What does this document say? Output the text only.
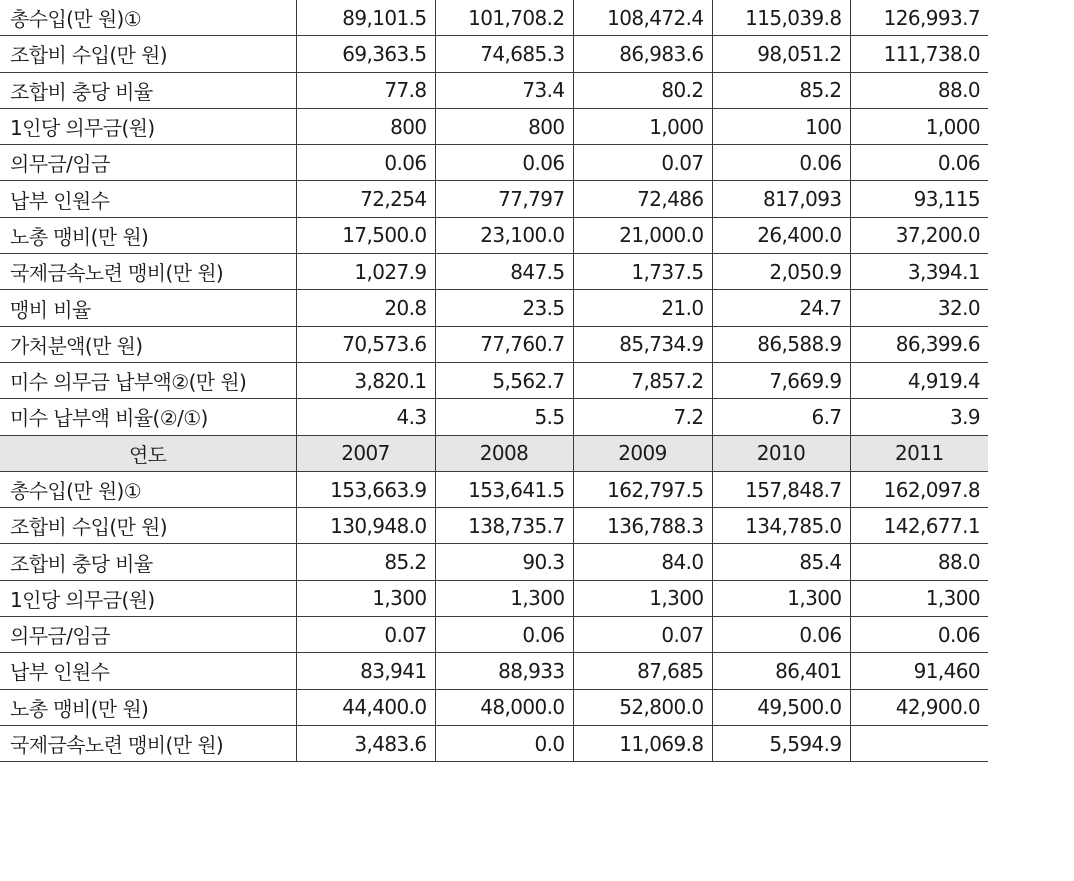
총수입(만 원)①	89,101.5	101,708.2	108,472.4	115,039.8	126,993.7
조합비 수입(만 원)	69,363.5	74,685.3	86,983.6	98,051.2	111,738.0
조합비 충당 비율	77.8	73.4	80.2	85.2	88.0
1인당 의무금(원)	800	800	1,000	100	1,000
의무금/임금	0.06	0.06	0.07	0.06	0.06
납부 인원수	72,254	77,797	72,486	817,093	93,115
노총 맹비(만 원)	17,500.0	23,100.0	21,000.0	26,400.0	37,200.0
국제금속노련 맹비(만 원)	1,027.9	847.5	1,737.5	2,050.9	3,394.1
맹비 비율	20.8	23.5	21.0	24.7	32.0
가처분액(만 원)	70,573.6	77,760.7	85,734.9	86,588.9	86,399.6
미수 의무금 납부액②(만 원)	3,820.1	5,562.7	7,857.2	7,669.9	4,919.4
미수 납부액 비율(②/①)	4.3	5.5	7.2	6.7	3.9
연도	2007	2008	2009	2010	2011
총수입(만 원)①	153,663.9	153,641.5	162,797.5	157,848.7	162,097.8
조합비 수입(만 원)	130,948.0	138,735.7	136,788.3	134,785.0	142,677.1
조합비 충당 비율	85.2	90.3	84.0	85.4	88.0
1인당 의무금(원)	1,300	1,300	1,300	1,300	1,300
의무금/임금	0.07	0.06	0.07	0.06	0.06
납부 인원수	83,941	88,933	87,685	86,401	91,460
노총 맹비(만 원)	44,400.0	48,000.0	52,800.0	49,500.0	42,900.0
국제금속노련 맹비(만 원)	3,483.6	0.0	11,069.8	5,594.9	
